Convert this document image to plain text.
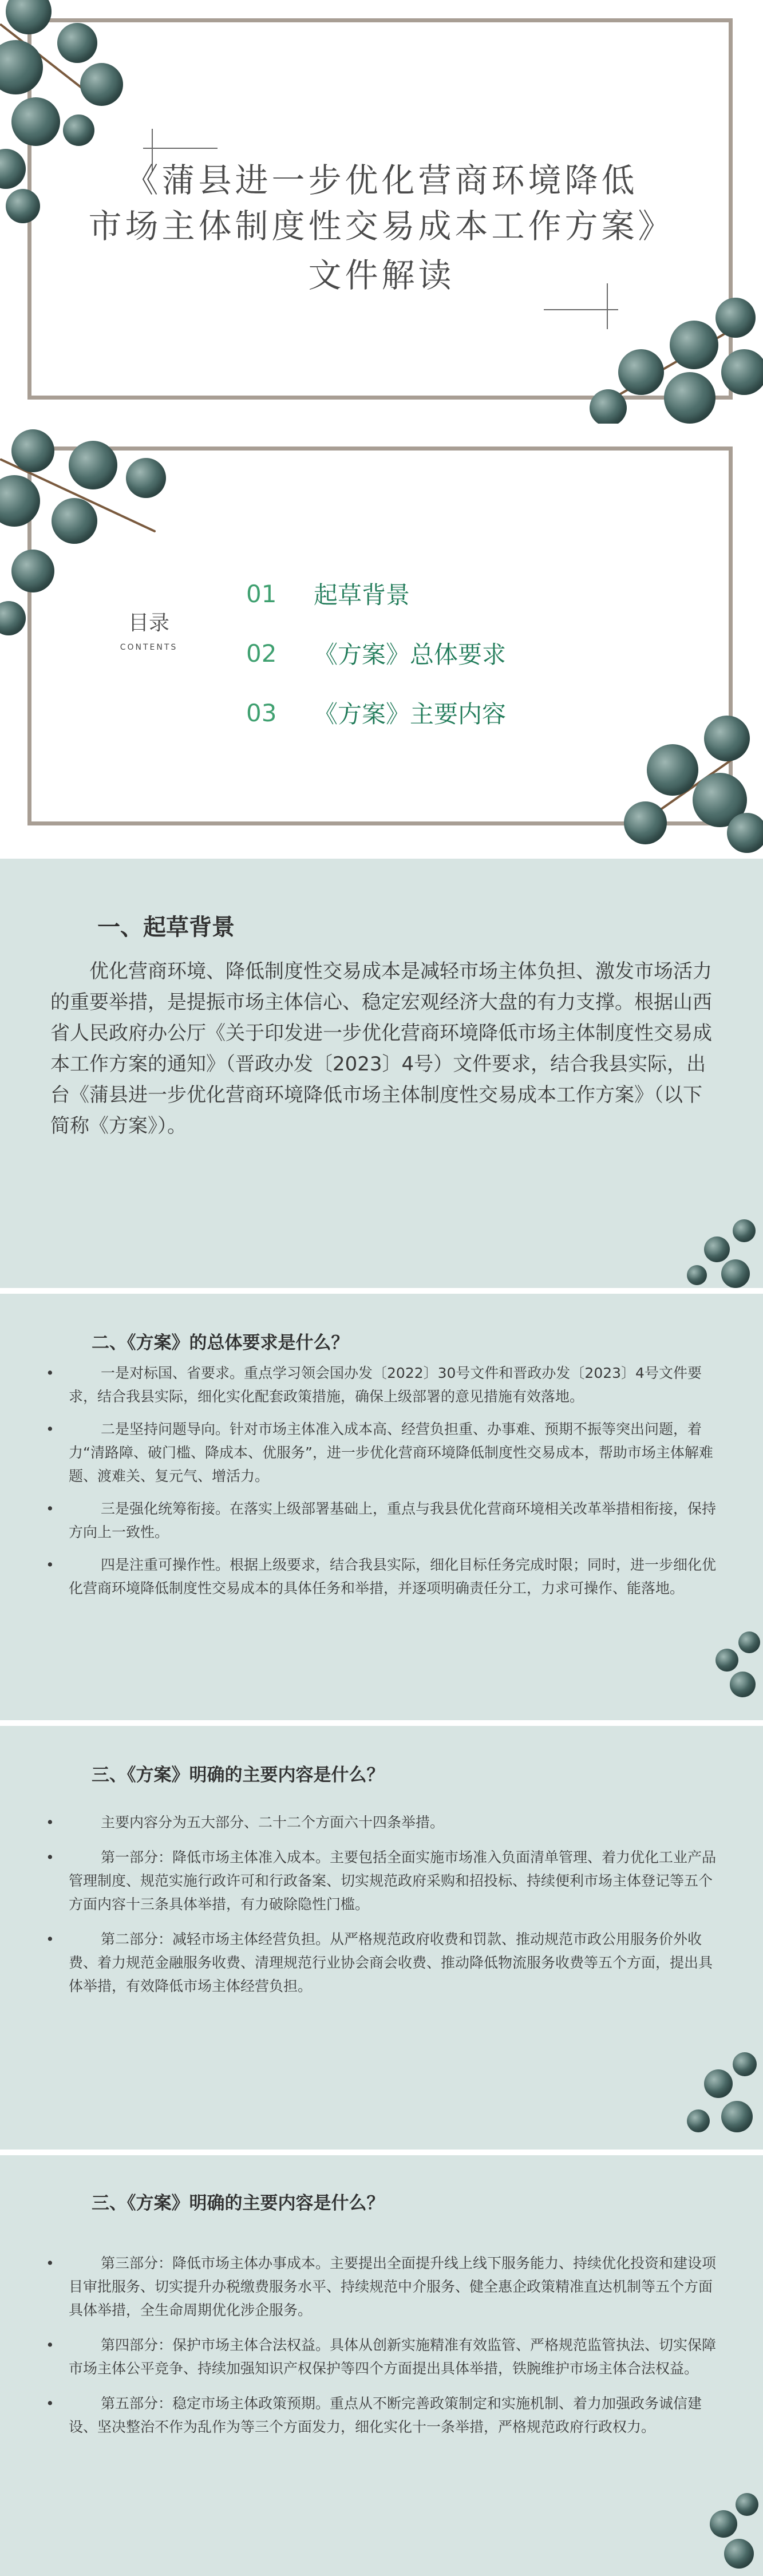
《蒲县进一步优化营商环境降低
市场主体制度性交易成本工作方案》
文件解读
目录
CONTENTS
01	起草背景
02	《方案》总体要求
03	《方案》主要内容
一、起草背景
优化营商环境、降低制度性交易成本是减轻市场主体负担、激发市场活力的重要举措，是提振市场主体信心、稳定宏观经济大盘的有力支撑。根据山西省人民政府办公厅《关于印发进一步优化营商环境降低市场主体制度性交易成本工作方案的通知》（晋政办发〔2023〕4号）文件要求，结合我县实际，出台《蒲县进一步优化营商环境降低市场主体制度性交易成本工作方案》（以下简称《方案》）。
二、《方案》的总体要求是什么？
• 一是对标国、省要求。重点学习领会国办发〔2022〕30号文件和晋政办发〔2023〕4号文件要求，结合我县实际，细化实化配套政策措施，确保上级部署的意见措施有效落地。
• 二是坚持问题导向。针对市场主体准入成本高、经营负担重、办事难、预期不振等突出问题，着力“清路障、破门槛、降成本、优服务”，进一步优化营商环境降低制度性交易成本，帮助市场主体解难题、渡难关、复元气、增活力。
• 三是强化统筹衔接。在落实上级部署基础上，重点与我县优化营商环境相关改革举措相衔接，保持方向上一致性。
• 四是注重可操作性。根据上级要求，结合我县实际，细化目标任务完成时限；同时，进一步细化优化营商环境降低制度性交易成本的具体任务和举措，并逐项明确责任分工，力求可操作、能落地。
三、《方案》明确的主要内容是什么？
• 主要内容分为五大部分、二十二个方面六十四条举措。
• 第一部分：降低市场主体准入成本。主要包括全面实施市场准入负面清单管理、着力优化工业产品管理制度、规范实施行政许可和行政备案、切实规范政府采购和招投标、持续便利市场主体登记等五个方面内容十三条具体举措，有力破除隐性门槛。
• 第二部分：减轻市场主体经营负担。从严格规范政府收费和罚款、推动规范市政公用服务价外收费、着力规范金融服务收费、清理规范行业协会商会收费、推动降低物流服务收费等五个方面，提出具体举措，有效降低市场主体经营负担。
三、《方案》明确的主要内容是什么？
• 第三部分：降低市场主体办事成本。主要提出全面提升线上线下服务能力、持续优化投资和建设项目审批服务、切实提升办税缴费服务水平、持续规范中介服务、健全惠企政策精准直达机制等五个方面具体举措，全生命周期优化涉企服务。
• 第四部分：保护市场主体合法权益。具体从创新实施精准有效监管、严格规范监管执法、切实保障市场主体公平竞争、持续加强知识产权保护等四个方面提出具体举措，铁腕维护市场主体合法权益。
• 第五部分：稳定市场主体政策预期。重点从不断完善政策制定和实施机制、着力加强政务诚信建设、坚决整治不作为乱作为等三个方面发力，细化实化十一条举措，严格规范政府行政权力。
